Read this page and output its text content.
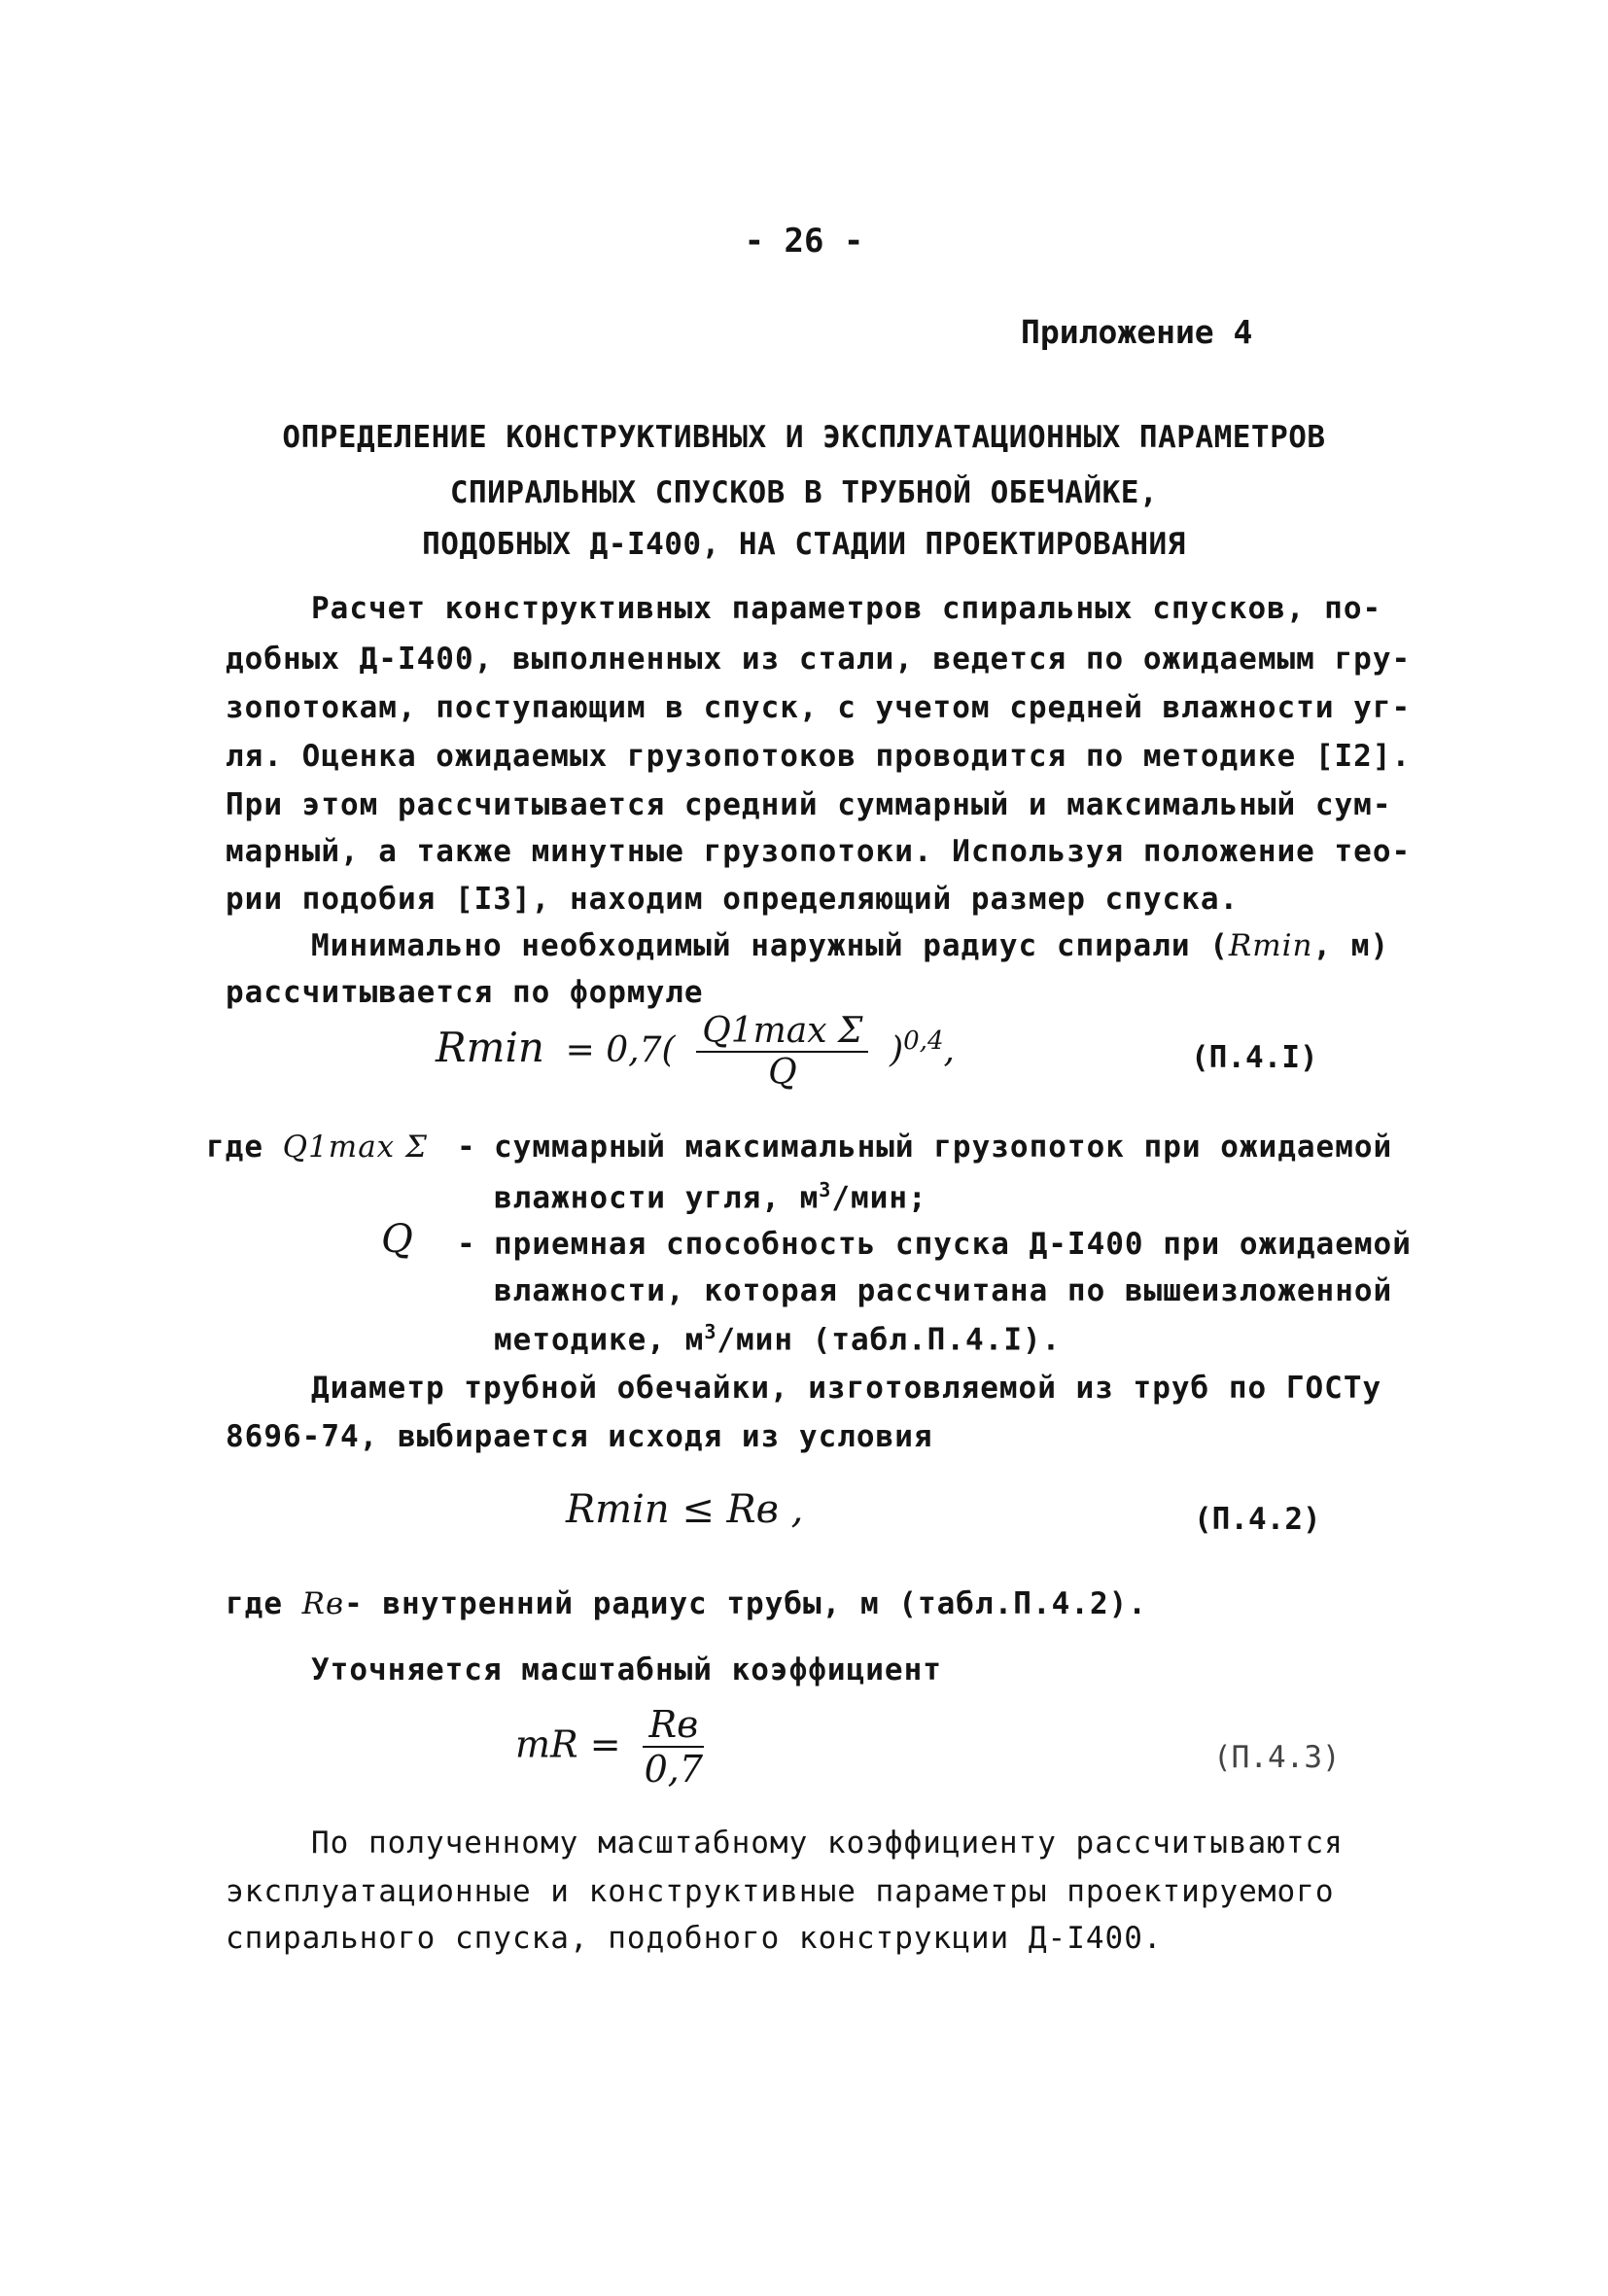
- 26 -
Приложение 4
ОПРЕДЕЛЕНИЕ КОНСТРУКТИВНЫХ И ЭКСПЛУАТАЦИОННЫХ ПАРАМЕТРОВ
СПИРАЛЬНЫХ СПУСКОВ В ТРУБНОЙ ОБЕЧАЙКЕ,
ПОДОБНЫХ Д-I400, НА СТАДИИ ПРОЕКТИРОВАНИЯ
Расчет конструктивных параметров спиральных спусков, по-
добных Д-I400, выполненных из стали, ведется по ожидаемым гру-
зопотокам, поступающим в спуск, с учетом средней влажности уг-
ля. Оценка ожидаемых грузопотоков проводится по методике [I2].
При этом рассчитывается средний суммарный и максимальный сум-
марный, а также минутные грузопотоки. Используя положение тео-
рии подобия [I3], находим определяющий размер спуска.
Минимально необходимый наружный радиус спирали (Rmin, м)
рассчитывается по формуле
$Rmin = 0,7( \frac{\text{Q1max Σ}}{Q} )^{0,4}$,	(П.4.I)
где Q1max Σ - суммарный максимальный грузопоток при ожидаемой
влажности угля, $м^3$/мин;
Q - приемная способность спуска Д-I400 при ожидаемой
влажности, которая рассчитана по вышеизложенной
методике, $м^3$/мин (табл.П.4.I).
Диаметр трубной обечайки, изготовляемой из труб по ГОСТу
8696-74, выбирается исходя из условия
Rmin ≤ Rв ,	(П.4.2)
где Rв- внутренний радиус трубы, м (табл.П.4.2).
Уточняется масштабный коэффициент
mR = $\frac{Rв}{0,7}$	(П.4.3)
По полученному масштабному коэффициенту рассчитываются
эксплуатационные и конструктивные параметры проектируемого
спирального спуска, подобного конструкции Д-I400.
